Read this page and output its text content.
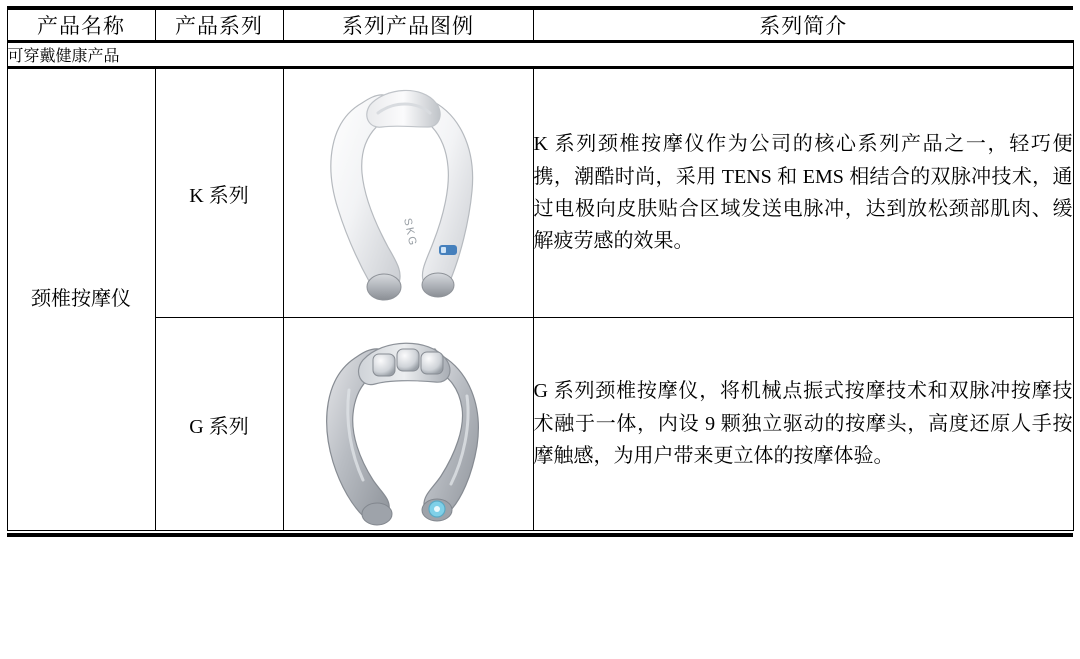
产品名称	产品系列	系列产品图例	系列简介

可穿戴健康产品			

颈椎按摩仪	K 系列	SKG	K 系列颈椎按摩仪作为公司的核心系列产品之一，轻巧便携，潮酷时尚，采用 TENS 和 EMS 相结合的双脉冲技术，通过电极向皮肤贴合区域发送电脉冲，达到放松颈部肌肉、缓解疲劳感的效果。

	G 系列		G 系列颈椎按摩仪，将机械点振式按摩技术和双脉冲按摩技术融于一体，内设 9 颗独立驱动的按摩头，高度还原人手按摩触感，为用户带来更立体的按摩体验。
